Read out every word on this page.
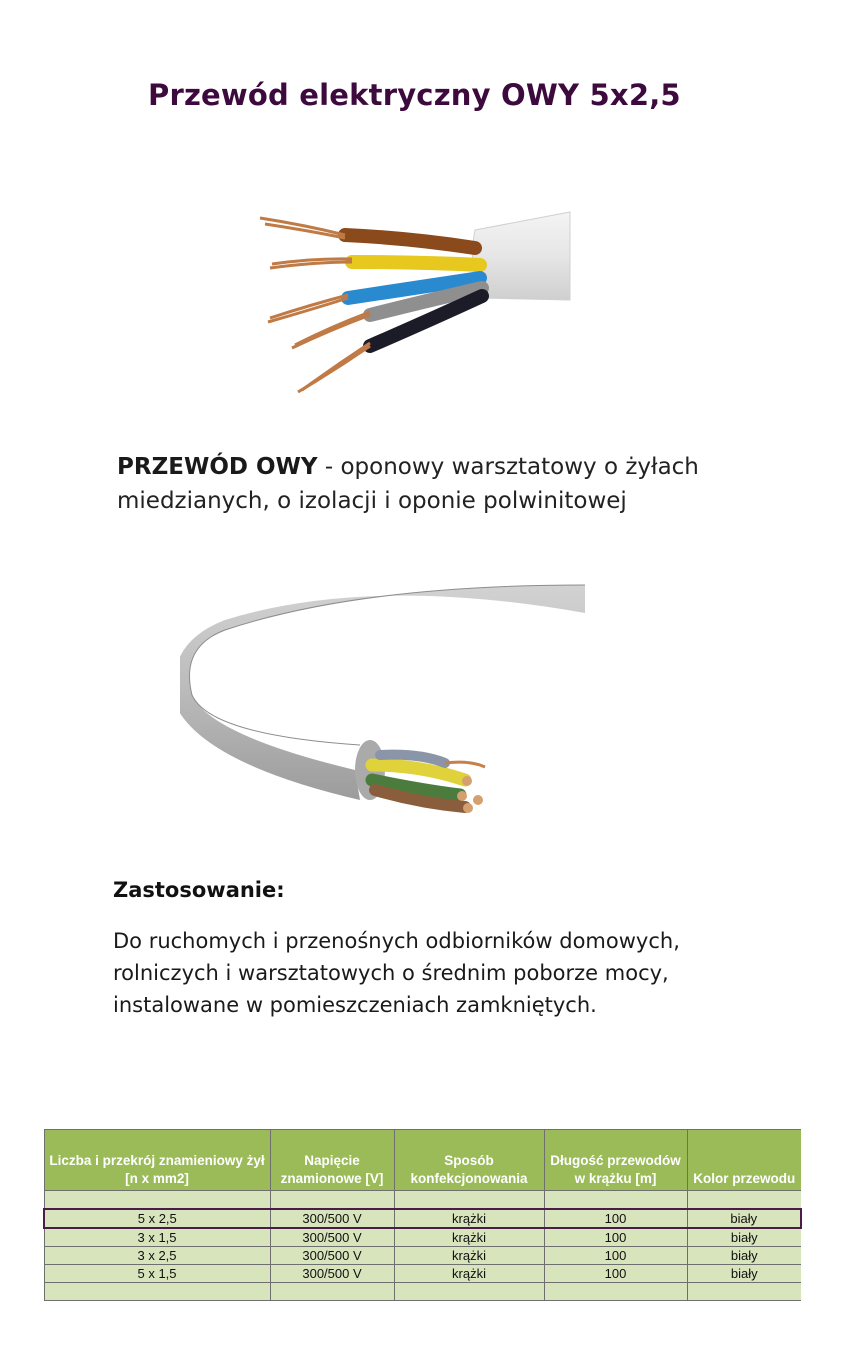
Przewód elektryczny OWY 5x2,5
PRZEWÓD OWY - oponowy warsztatowy o żyłach miedzianych, o izolacji i oponie polwinitowej
Zastosowanie:
Do ruchomych i przenośnych odbiorników domowych, rolniczych i warsztatowych o średnim poborze mocy, instalowane w pomieszczeniach zamkniętych.
Liczba i przekrój znamieniowy żył [n x mm2]	Napięcie znamionowe [V]	Sposób konfekcjonowania	Długość przewodów w krążku [m]	Kolor przewodu

5 x 2,5	300/500 V	krążki	100	biały
3 x 1,5	300/500 V	krążki	100	biały
3 x 2,5	300/500 V	krążki	100	biały
5 x 1,5	300/500 V	krążki	100	biały
